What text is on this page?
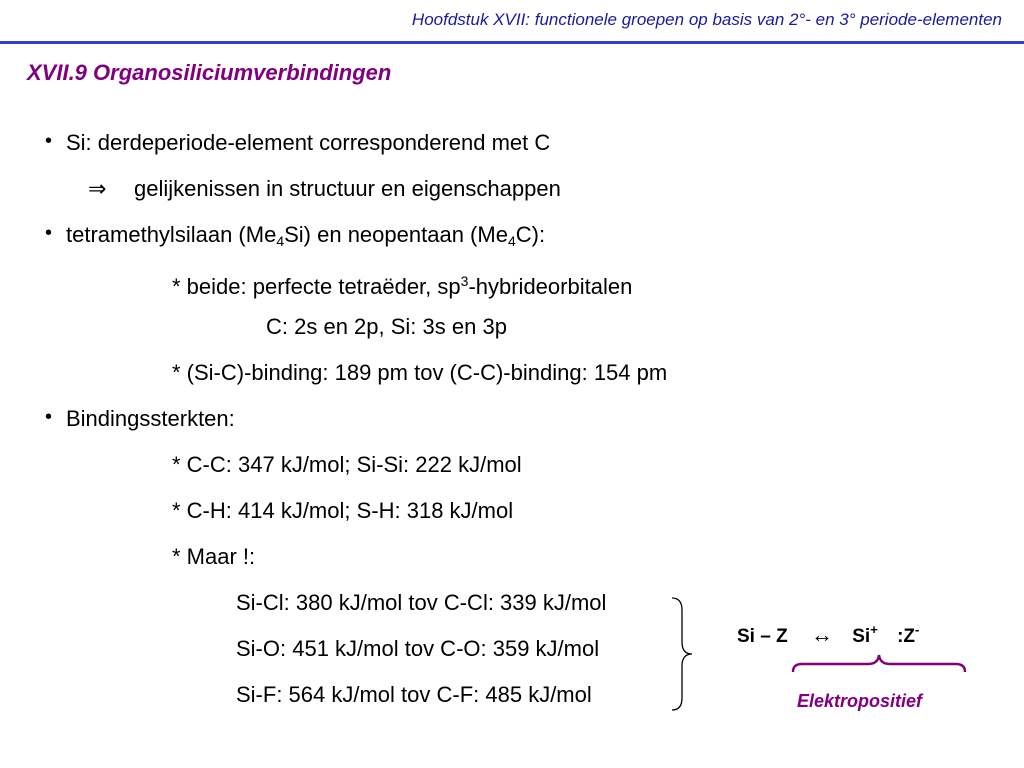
Hoofdstuk XVII: functionele groepen op basis van 2°- en 3° periode-elementen
XVII.9 Organosiliciumverbindingen
• Si: derdeperiode-element corresponderend met C
⇒ gelijkenissen in structuur en eigenschappen
• tetramethylsilaan $(Me_4Si)$ en neopentaan $(Me_4C)$:
* beide: perfecte tetraëder, $sp^3$-hybrideorbitalen
C: 2s en 2p, Si: 3s en 3p
* (Si-C)-binding: 189 pm tov (C-C)-binding: 154 pm
• Bindingssterkten:
* C-C: 347 kJ/mol; Si-Si: 222 kJ/mol
* C-H: 414 kJ/mol; S-H: 318 kJ/mol
* Maar !:
Si-Cl: 380 kJ/mol tov C-Cl: 339 kJ/mol
Si-O: 451 kJ/mol tov C-O: 359 kJ/mol
Si-F: 564 kJ/mol tov C-F: 485 kJ/mol
Si – Z ↔ Si+ :Z-
Elektropositief
